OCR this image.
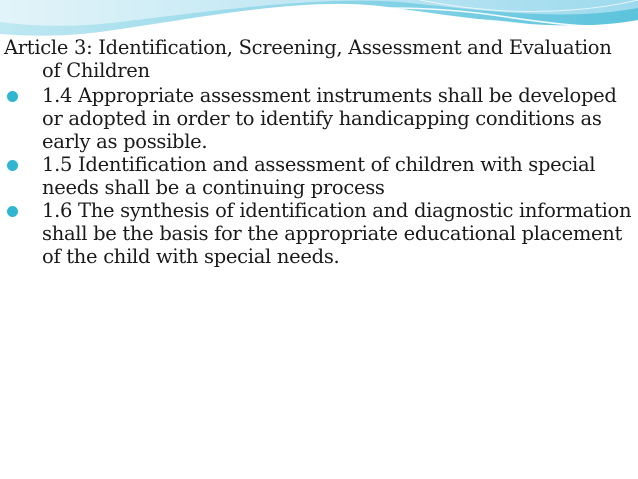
Article 3: Identification, Screening, Assessment and Evaluation of Children

1.4 Appropriate assessment instruments shall be developed or adopted in order to identify handicapping conditions as early as possible.
1.5 Identification and assessment of children with special needs shall be a continuing process
1.6 The synthesis of identification and diagnostic information shall be the basis for the appropriate educational placement of the child with special needs.
